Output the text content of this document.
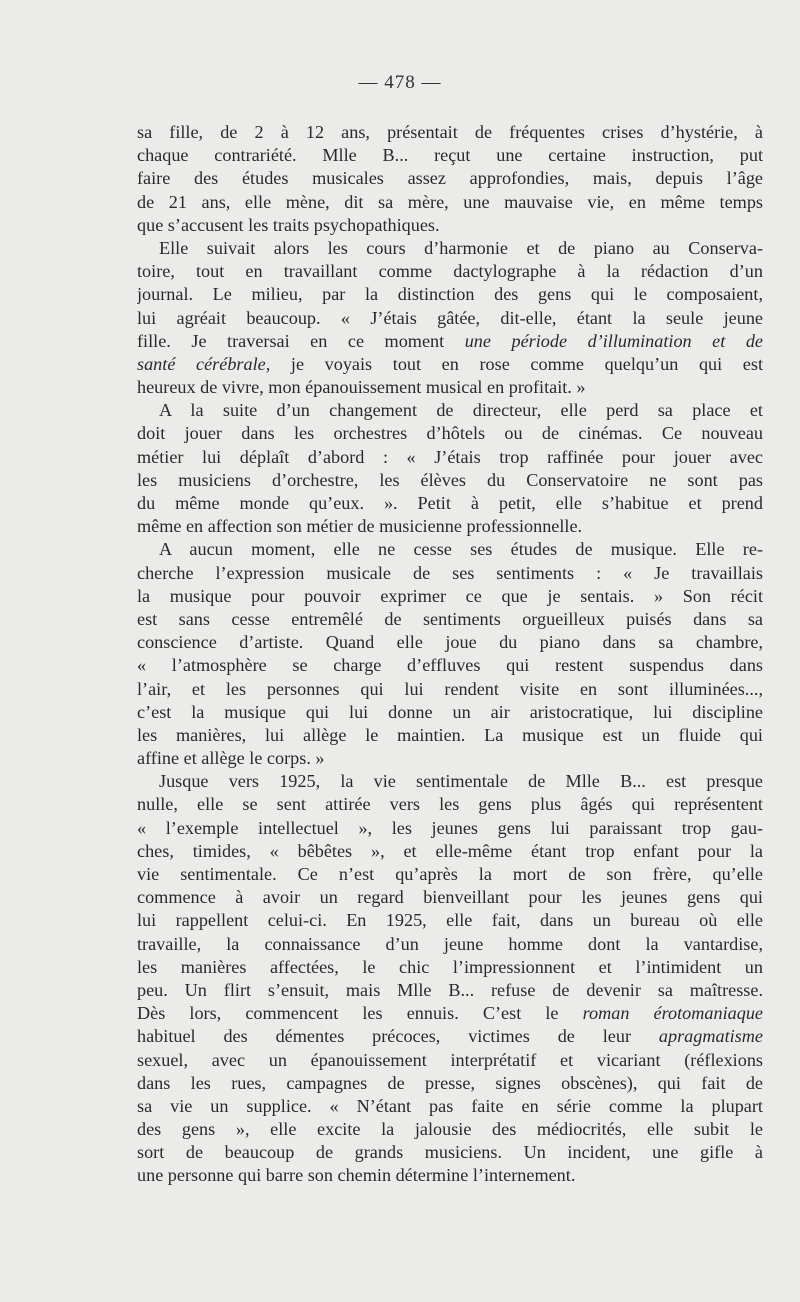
— 478 —
sa fille, de 2 à 12 ans, présentait de fréquentes crises d’hystérie, à
chaque contrariété. Mlle B... reçut une certaine instruction, put
faire des études musicales assez approfondies, mais, depuis l’âge
de 21 ans, elle mène, dit sa mère, une mauvaise vie, en même temps
que s’accusent les traits psychopathiques.
Elle suivait alors les cours d’harmonie et de piano au Conserva-
toire, tout en travaillant comme dactylographe à la rédaction d’un
journal. Le milieu, par la distinction des gens qui le composaient,
lui agréait beaucoup. « J’étais gâtée, dit-elle, étant la seule jeune
fille. Je traversai en ce moment une période d’illumination et de
santé cérébrale, je voyais tout en rose comme quelqu’un qui est
heureux de vivre, mon épanouissement musical en profitait. »
A la suite d’un changement de directeur, elle perd sa place et
doit jouer dans les orchestres d’hôtels ou de cinémas. Ce nouveau
métier lui déplaît d’abord : « J’étais trop raffinée pour jouer avec
les musiciens d’orchestre, les élèves du Conservatoire ne sont pas
du même monde qu’eux. ». Petit à petit, elle s’habitue et prend
même en affection son métier de musicienne professionnelle.
A aucun moment, elle ne cesse ses études de musique. Elle re-
cherche l’expression musicale de ses sentiments : « Je travaillais
la musique pour pouvoir exprimer ce que je sentais. » Son récit
est sans cesse entremêlé de sentiments orgueilleux puisés dans sa
conscience d’artiste. Quand elle joue du piano dans sa chambre,
« l’atmosphère se charge d’effluves qui restent suspendus dans
l’air, et les personnes qui lui rendent visite en sont illuminées...,
c’est la musique qui lui donne un air aristocratique, lui discipline
les manières, lui allège le maintien. La musique est un fluide qui
affine et allège le corps. »
Jusque vers 1925, la vie sentimentale de Mlle B... est presque
nulle, elle se sent attirée vers les gens plus âgés qui représentent
« l’exemple intellectuel », les jeunes gens lui paraissant trop gau-
ches, timides, « bêbêtes », et elle-même étant trop enfant pour la
vie sentimentale. Ce n’est qu’après la mort de son frère, qu’elle
commence à avoir un regard bienveillant pour les jeunes gens qui
lui rappellent celui-ci. En 1925, elle fait, dans un bureau où elle
travaille, la connaissance d’un jeune homme dont la vantardise,
les manières affectées, le chic l’impressionnent et l’intimident un
peu. Un flirt s’ensuit, mais Mlle B... refuse de devenir sa maîtresse.
Dès lors, commencent les ennuis. C’est le roman érotomaniaque
habituel des démentes précoces, victimes de leur apragmatisme
sexuel, avec un épanouissement interprétatif et vicariant (réflexions
dans les rues, campagnes de presse, signes obscènes), qui fait de
sa vie un supplice. « N’étant pas faite en série comme la plupart
des gens », elle excite la jalousie des médiocrités, elle subit le
sort de beaucoup de grands musiciens. Un incident, une gifle à
une personne qui barre son chemin détermine l’internement.
